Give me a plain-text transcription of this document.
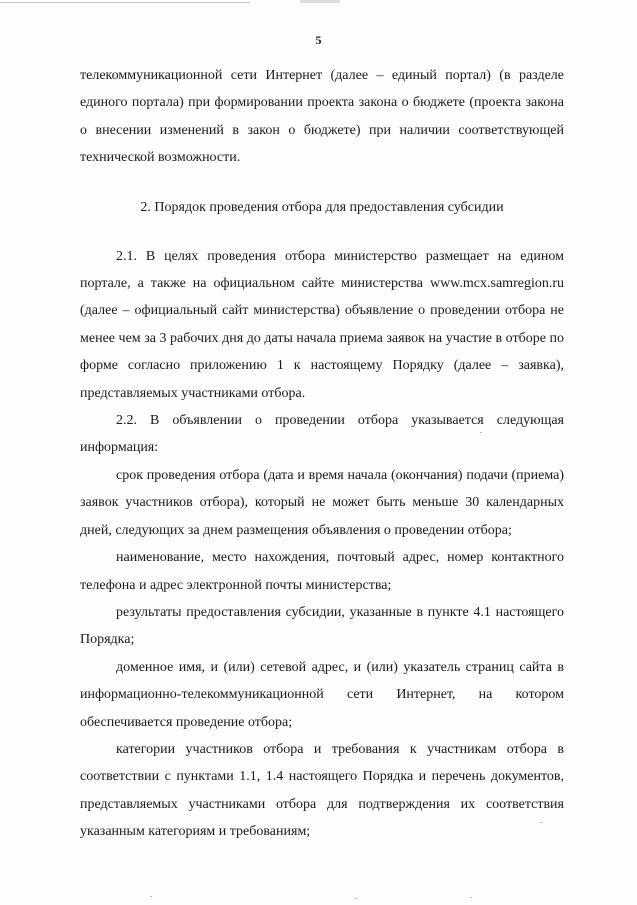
5

телекоммуникационной сети Интернет (далее – единый портал) (в разделе единого портала) при формировании проекта закона о бюджете (проекта закона о внесении изменений в закон о бюджете) при наличии соответствующей технической возможности.

2. Порядок проведения отбора для предоставления субсидии

2.1. В целях проведения отбора министерство размещает на едином портале, а также на официальном сайте министерства www.mcx.samregion.ru (далее – официальный сайт министерства) объявление о проведении отбора не менее чем за 3 рабочих дня до даты начала приема заявок на участие в отборе по форме согласно приложению 1 к настоящему Порядку (далее – заявка), представляемых участниками отбора.

2.2. В объявлении о проведении отбора указывается следующая информация:

срок проведения отбора (дата и время начала (окончания) подачи (приема) заявок участников отбора), который не может быть меньше 30 календарных дней, следующих за днем размещения объявления о проведении отбора;

наименование, место нахождения, почтовый адрес, номер контактного телефона и адрес электронной почты министерства;

результаты предоставления субсидии, указанные в пункте 4.1 настоящего Порядка;

доменное имя, и (или) сетевой адрес, и (или) указатель страниц сайта в информационно-телекоммуникационной сети Интернет, на котором обеспечивается проведение отбора;

категории участников отбора и требования к участникам отбора в соответствии с пунктами 1.1, 1.4 настоящего Порядка и перечень документов, представляемых участниками отбора для подтверждения их соответствия указанным категориям и требованиям;
